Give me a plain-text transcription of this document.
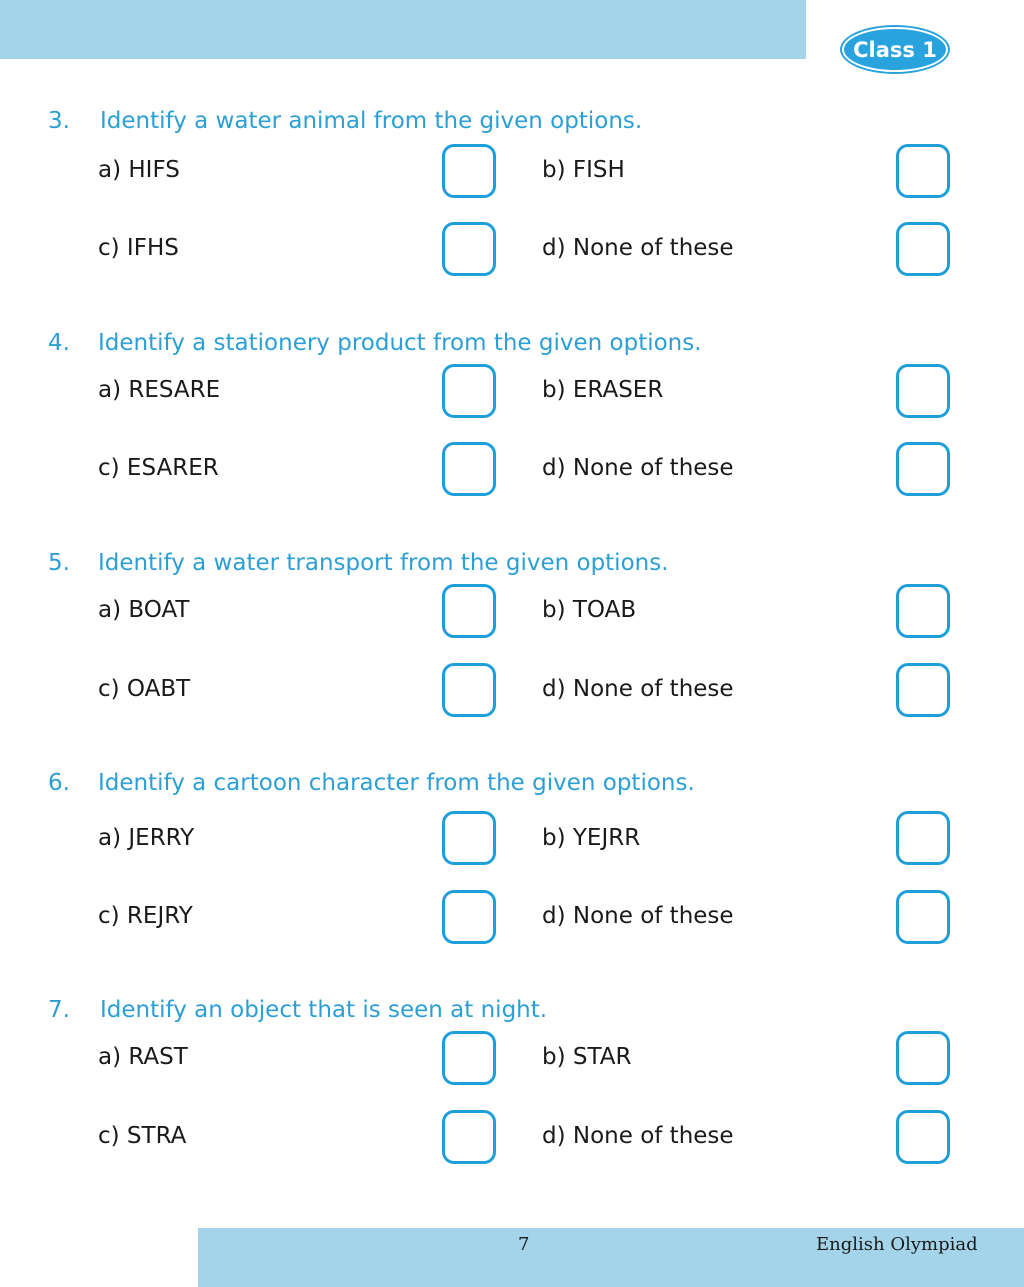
Class 1
3. Identify a water animal from the given options.
a) HIFS	b) FISH
c) IFHS	d) None of these
4. Identify a stationery product from the given options.
a) RESARE	b) ERASER
c) ESARER	d) None of these
5. Identify a water transport from the given options.
a) BOAT	b) TOAB
c) OABT	d) None of these
6. Identify a cartoon character from the given options.
a) JERRY	b) YEJRR
c) REJRY	d) None of these
7. Identify an object that is seen at night.
a) RAST	b) STAR
c) STRA	d) None of these
7	English Olympiad
